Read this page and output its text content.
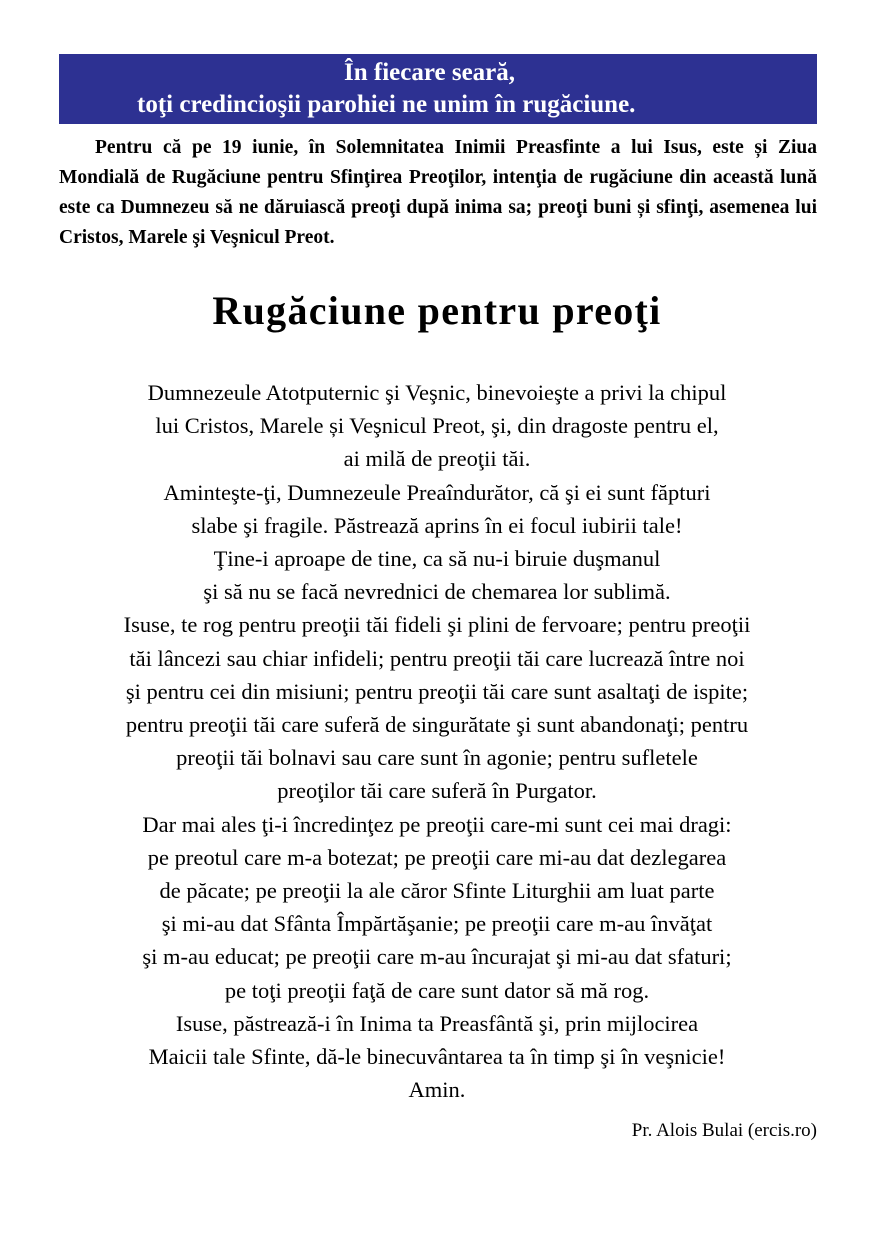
În fiecare seară,
toţi credincioşii parohiei ne unim în rugăciune.

Pentru că pe 19 iunie, în Solemnitatea Inimii Preasfinte a lui Isus, este și Ziua Mondială de Rugăciune pentru Sfinţirea Preoţilor, intenţia de rugăciune din această lună este ca Dumnezeu să ne dăruiască preoţi după inima sa; preoţi buni și sfinţi, asemenea lui Cristos, Marele şi Veşnicul Preot.

Rugăciune pentru preoţi
Dumnezeule Atotputernic şi Veşnic, binevoieşte a privi la chipul
lui Cristos, Marele și Veşnicul Preot, şi, din dragoste pentru el,
ai milă de preoţii tăi.
Aminteşte-ţi, Dumnezeule Preaîndurător, că şi ei sunt făpturi
slabe şi fragile. Păstrează aprins în ei focul iubirii tale!
Ţine-i aproape de tine, ca să nu-i biruie duşmanul
şi să nu se facă nevrednici de chemarea lor sublimă.
Isuse, te rog pentru preoţii tăi fideli şi plini de fervoare; pentru preoţii
tăi lâncezi sau chiar infideli; pentru preoţii tăi care lucrează între noi
şi pentru cei din misiuni; pentru preoţii tăi care sunt asaltaţi de ispite;
pentru preoţii tăi care suferă de singurătate şi sunt abandonaţi; pentru
preoţii tăi bolnavi sau care sunt în agonie; pentru sufletele
preoţilor tăi care suferă în Purgator.
Dar mai ales ţi-i încredinţez pe preoţii care-mi sunt cei mai dragi:
pe preotul care m-a botezat; pe preoţii care mi-au dat dezlegarea
de păcate; pe preoţii la ale căror Sfinte Liturghii am luat parte
şi mi-au dat Sfânta Împărtăşanie; pe preoţii care m-au învăţat
şi m-au educat; pe preoţii care m-au încurajat şi mi-au dat sfaturi;
pe toţi preoţii faţă de care sunt dator să mă rog.
Isuse, păstrează-i în Inima ta Preasfântă şi, prin mijlocirea
Maicii tale Sfinte, dă-le binecuvântarea ta în timp şi în veşnicie!
Amin.
Pr. Alois Bulai (ercis.ro)
